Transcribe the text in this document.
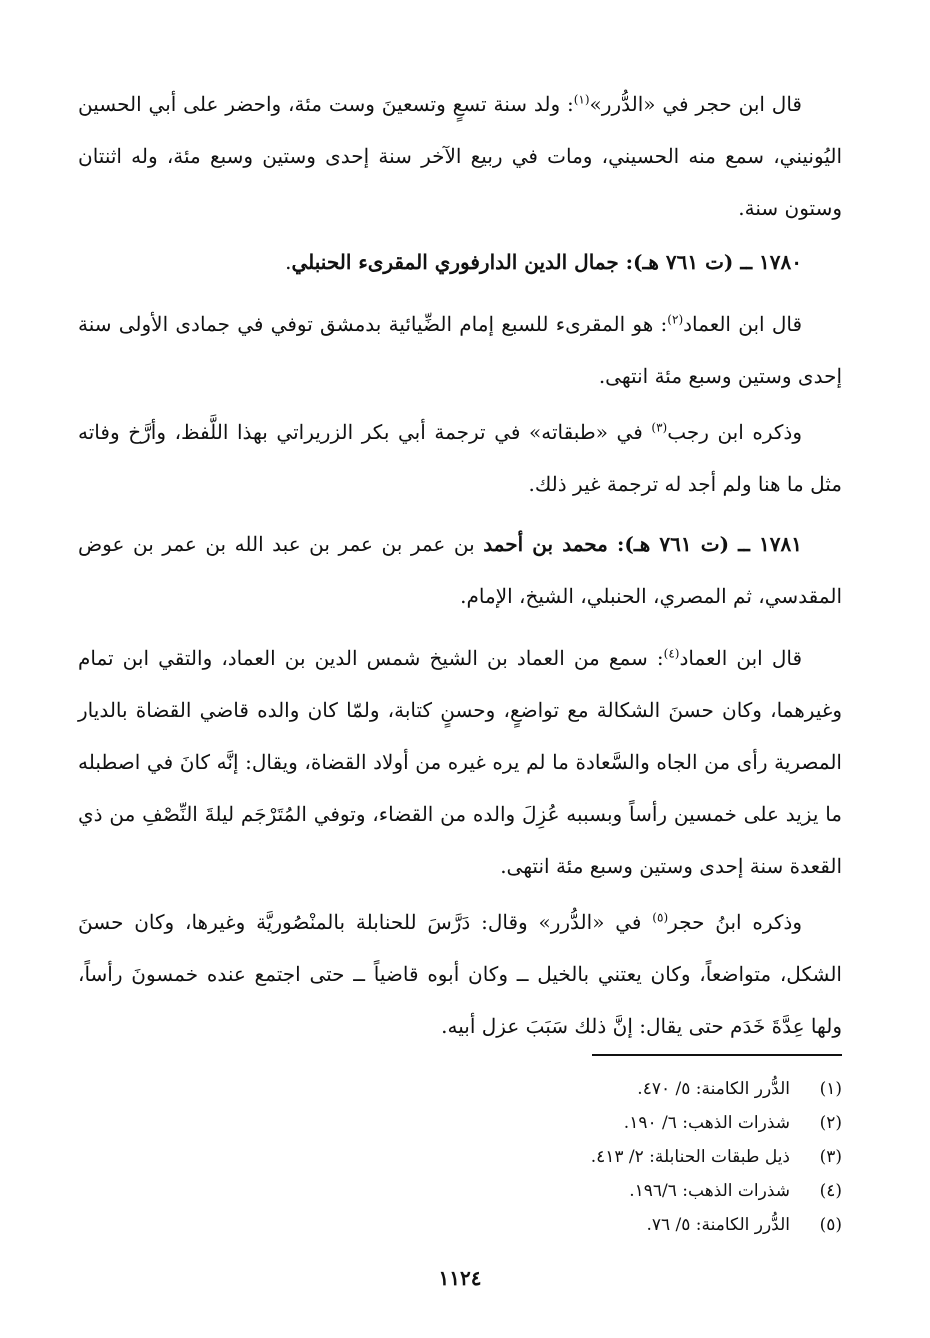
قال ابن حجر في «الدُّرر»$^{(١)}$: ولد سنة تسعٍ وتسعينَ وست مئة، واحضر على أبي الحسين اليُونيني، سمع منه الحسيني، ومات في ربيع الآخر سنة إحدى وستين وسبع مئة، وله اثنتان وستون سنة.

١٧٨٠ ــ (ت ٧٦١ هـ): جمال الدين الدارفوري المقرىء الحنبلي.

قال ابن العماد$^{(٢)}$: هو المقرىء للسبع إمام الضِّيائية بدمشق توفي في جمادى الأولى سنة إحدى وستين وسبع مئة انتهى.

وذكره ابن رجب$^{(٣)}$ في «طبقاته» في ترجمة أبي بكر الزريراتي بهذا اللَّفظ، وأرَّخ وفاته مثل ما هنا ولم أجد له ترجمة غير ذلك.

١٧٨١ ــ (ت ٧٦١ هـ): محمد بن أحمد بن عمر بن عمر بن عبد الله بن عمر بن عوض المقدسي، ثم المصري، الحنبلي، الشيخ، الإمام.

قال ابن العماد$^{(٤)}$: سمع من العماد بن الشيخ شمس الدين بن العماد، والتقي ابن تمام وغيرهما، وكان حسنَ الشكالة مع تواضعٍ، وحسنٍ كتابة، ولمّا كان والده قاضي القضاة بالديار المصرية رأى من الجاه والسَّعادة ما لم يره غيره من أولاد القضاة، ويقال: إنَّه كانَ في اصطبله ما يزيد على خمسين رأساً وبسببه عُزِلَ والده من القضاء، وتوفي المُتَرْجَم ليلةَ النِّصْفِ من ذي القعدة سنة إحدى وستين وسبع مئة انتهى.

وذكره ابنُ حجر$^{(٥)}$ في «الدُّرر» وقال: دَرَّسَ للحنابلة بالمنْصُوريَّة وغيرها، وكان حسنَ الشكل، متواضعاً، وكان يعتني بالخيل ــ وكان أبوه قاضياً ــ حتى اجتمع عنده خمسونَ رأساً، ولها عِدَّةَ خَدَم حتى يقال: إنَّ ذلك سَبَبَ عزل أبيه.

(١)الدُّرر الكامنة: ٥/ ٤٧٠.
(٢)شذرات الذهب: ٦/ ١٩٠.
(٣)ذيل طبقات الحنابلة: ٢/ ٤١٣.
(٤)شذرات الذهب: ١٩٦/٦.
(٥)الدُّرر الكامنة: ٥/ ٧٦.
١١٢٤
